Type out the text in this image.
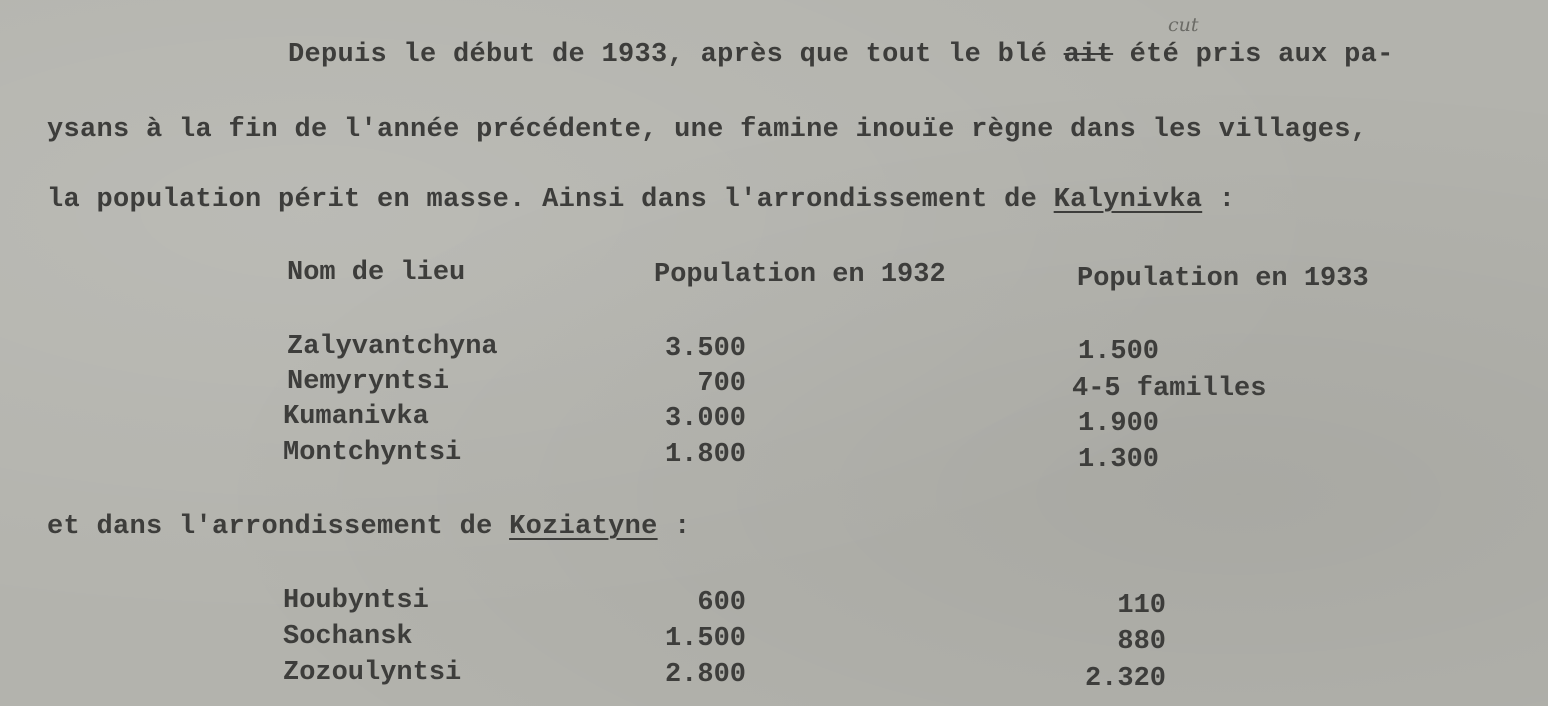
Depuis le début de 1933, après que tout le blé ait été pris aux pa-
cut
ysans à la fin de l'année précédente, une famine inouïe règne dans les villages,
la population périt en masse. Ainsi dans l'arrondissement de Kalynivka :
Nom de lieu	Population en 1932	Population en 1933
Zalyvantchyna	3.500	1.500
Nemyryntsi	700	4-5 familles
Kumanivka	3.000	1.900
Montchyntsi	1.800	1.300
et dans l'arrondissement de Koziatyne :
Houbyntsi	600	110
Sochansk	1.500	880
Zozoulyntsi	2.800	2.320
